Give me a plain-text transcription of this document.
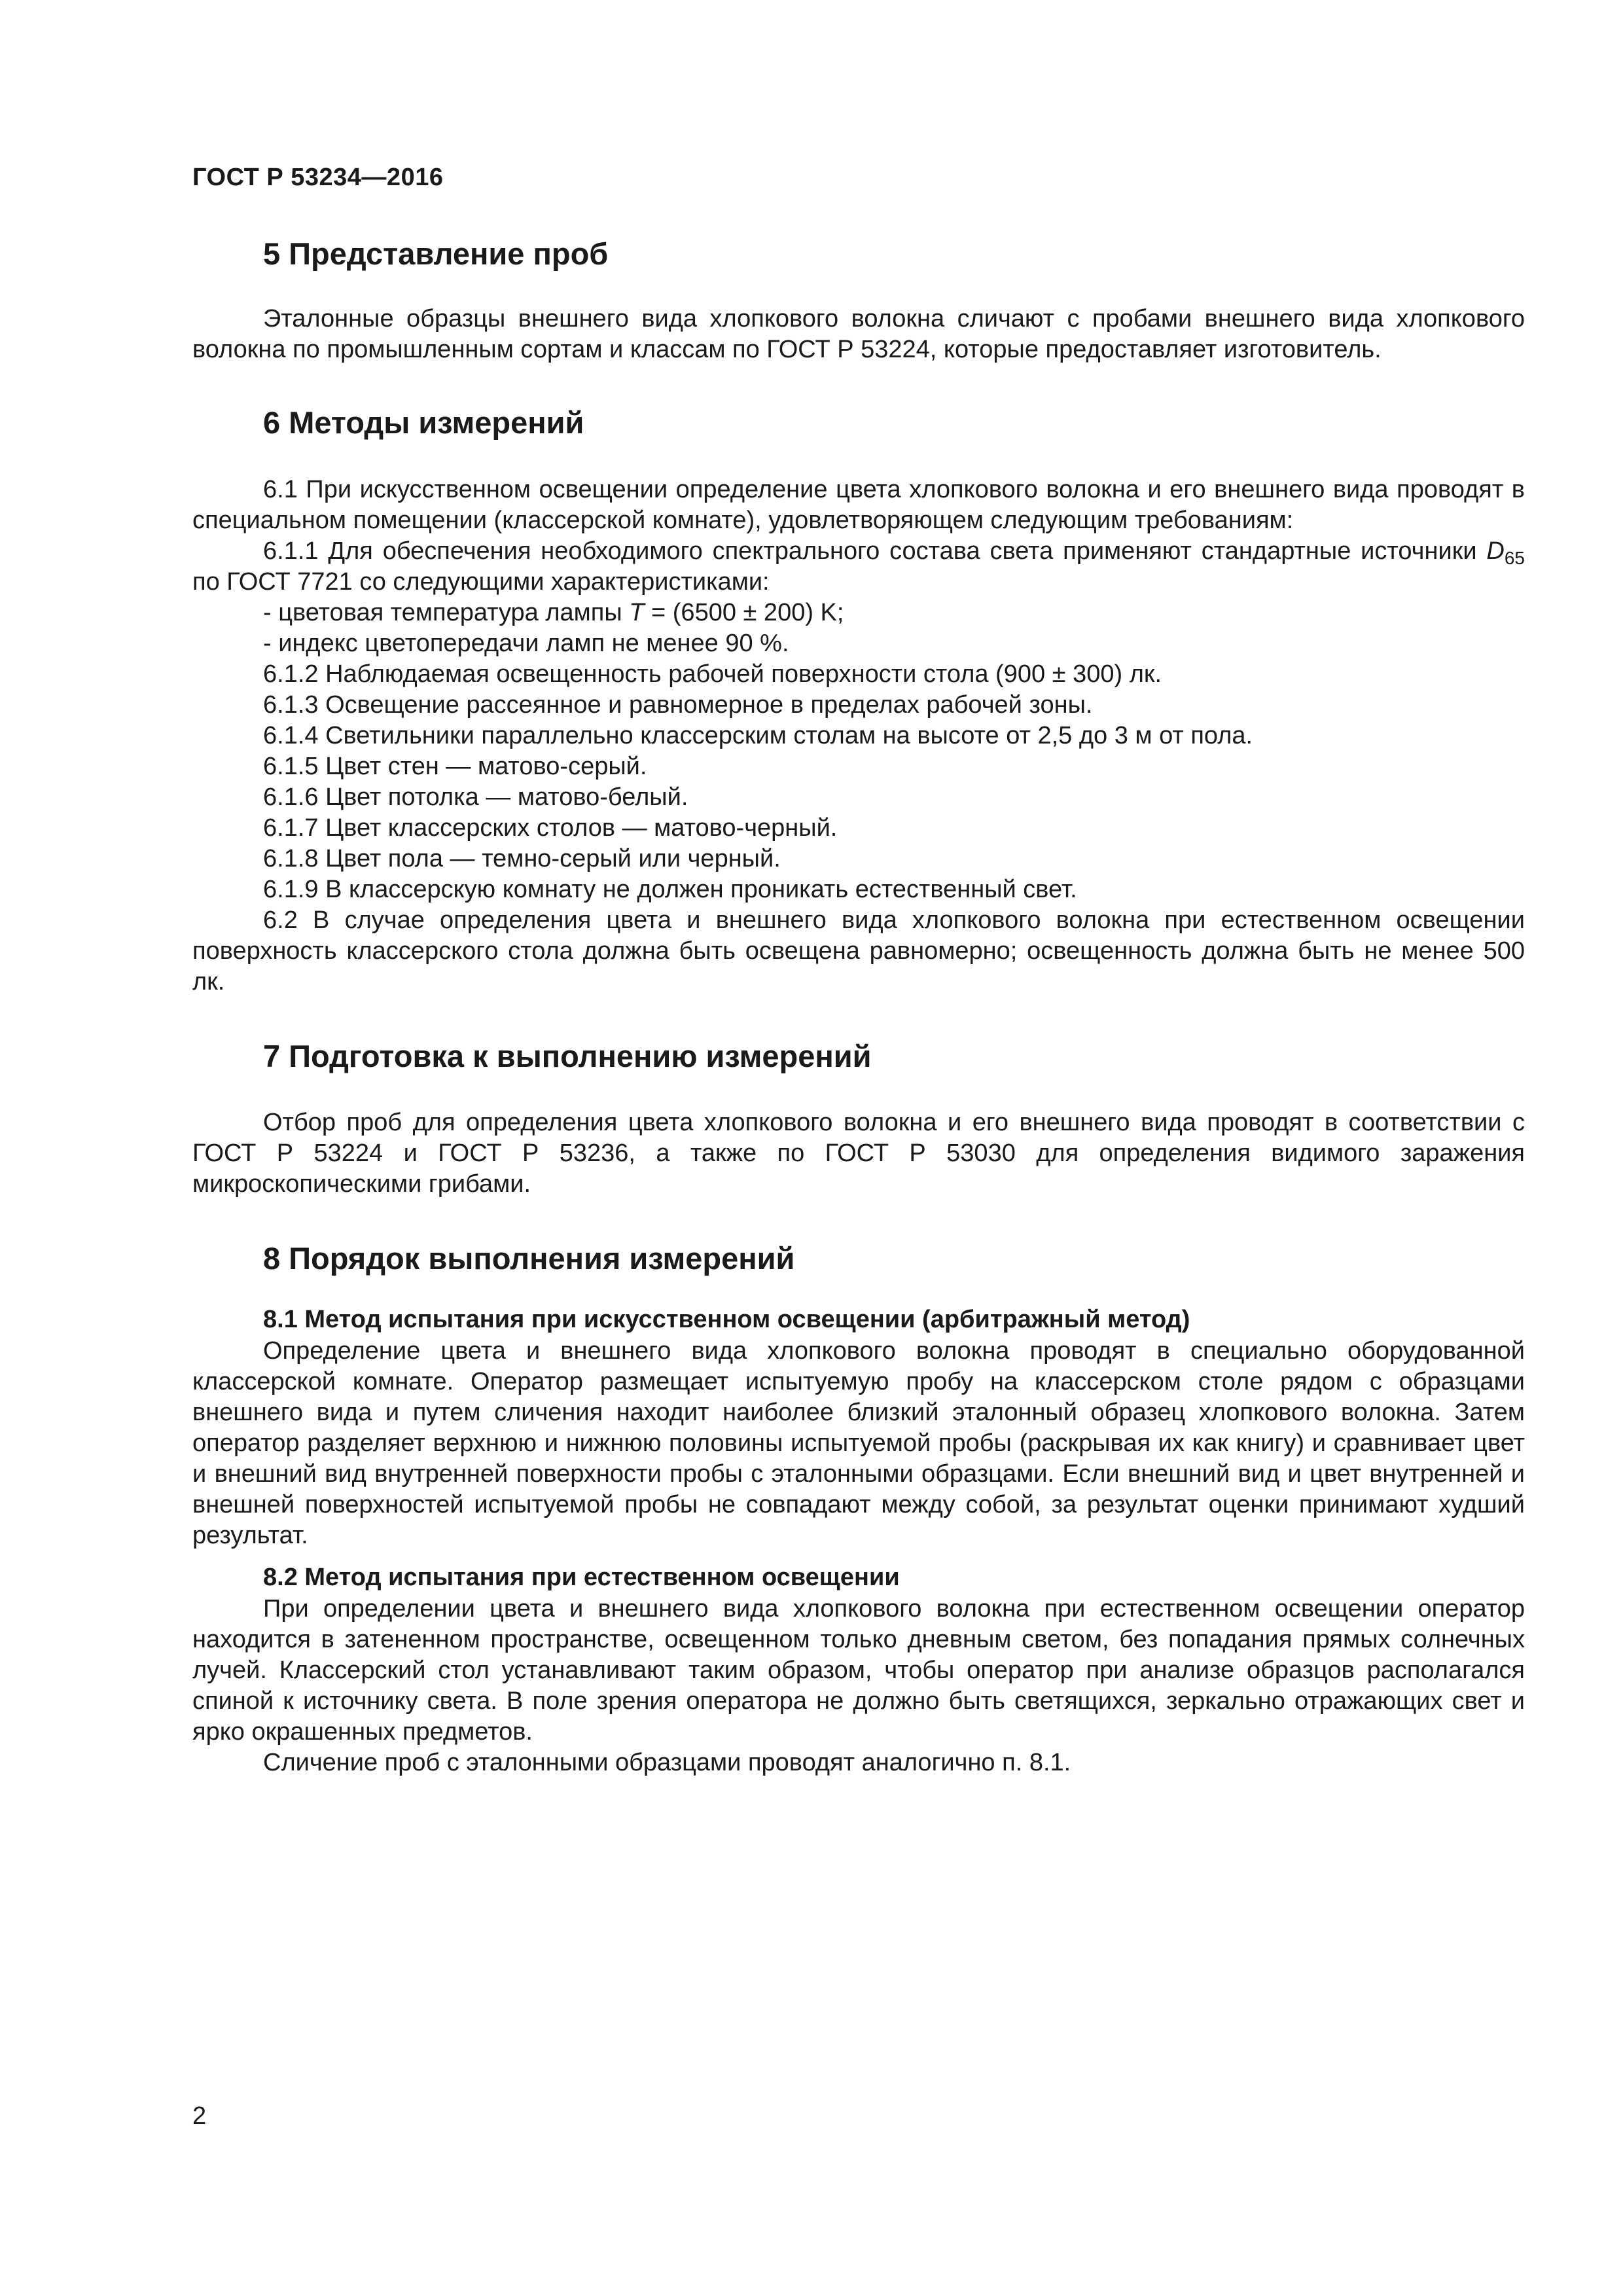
ГОСТ Р 53234—2016
5 Представление проб

Эталонные образцы внешнего вида хлопкового волокна сличают с пробами внешнего вида хлопкового волокна по промышленным сортам и классам по ГОСТ Р 53224, которые предоставляет изготовитель.

6 Методы измерений

6.1 При искусственном освещении определение цвета хлопкового волокна и его внешнего вида проводят в специальном помещении (классерской комнате), удовлетворяющем следующим требованиям:

6.1.1 Для обеспечения необходимого спектрального состава света применяют стандартные источники $D_{65}$ по ГОСТ 7721 со следующими характеристиками:

- цветовая температура лампы T = (6500 ± 200) K;

- индекс цветопередачи ламп не менее 90 %.

6.1.2 Наблюдаемая освещенность рабочей поверхности стола (900 ± 300) лк.

6.1.3 Освещение рассеянное и равномерное в пределах рабочей зоны.

6.1.4 Светильники параллельно классерским столам на высоте от 2,5 до 3 м от пола.

6.1.5 Цвет стен — матово-серый.

6.1.6 Цвет потолка — матово-белый.

6.1.7 Цвет классерских столов — матово-черный.

6.1.8 Цвет пола — темно-серый или черный.

6.1.9 В классерскую комнату не должен проникать естественный свет.

6.2 В случае определения цвета и внешнего вида хлопкового волокна при естественном освещении поверхность классерского стола должна быть освещена равномерно; освещенность должна быть не менее 500 лк.

7 Подготовка к выполнению измерений

Отбор проб для определения цвета хлопкового волокна и его внешнего вида проводят в соответствии с ГОСТ Р 53224 и ГОСТ Р 53236, а также по ГОСТ Р 53030 для определения видимого заражения микроскопическими грибами.

8 Порядок выполнения измерений
8.1 Метод испытания при искусственном освещении (арбитражный метод)

Определение цвета и внешнего вида хлопкового волокна проводят в специально оборудованной классерской комнате. Оператор размещает испытуемую пробу на классерском столе рядом с образцами внешнего вида и путем сличения находит наиболее близкий эталонный образец хлопкового волокна. Затем оператор разделяет верхнюю и нижнюю половины испытуемой пробы (раскрывая их как книгу) и сравнивает цвет и внешний вид внутренней поверхности пробы с эталонными образцами. Если внешний вид и цвет внутренней и внешней поверхностей испытуемой пробы не совпадают между собой, за результат оценки принимают худший результат.

8.2 Метод испытания при естественном освещении

При определении цвета и внешнего вида хлопкового волокна при естественном освещении оператор находится в затененном пространстве, освещенном только дневным светом, без попадания прямых солнечных лучей. Классерский стол устанавливают таким образом, чтобы оператор при анализе образцов располагался спиной к источнику света. В поле зрения оператора не должно быть светящихся, зеркально отражающих свет и ярко окрашенных предметов.

Сличение проб с эталонными образцами проводят аналогично п. 8.1.

2
